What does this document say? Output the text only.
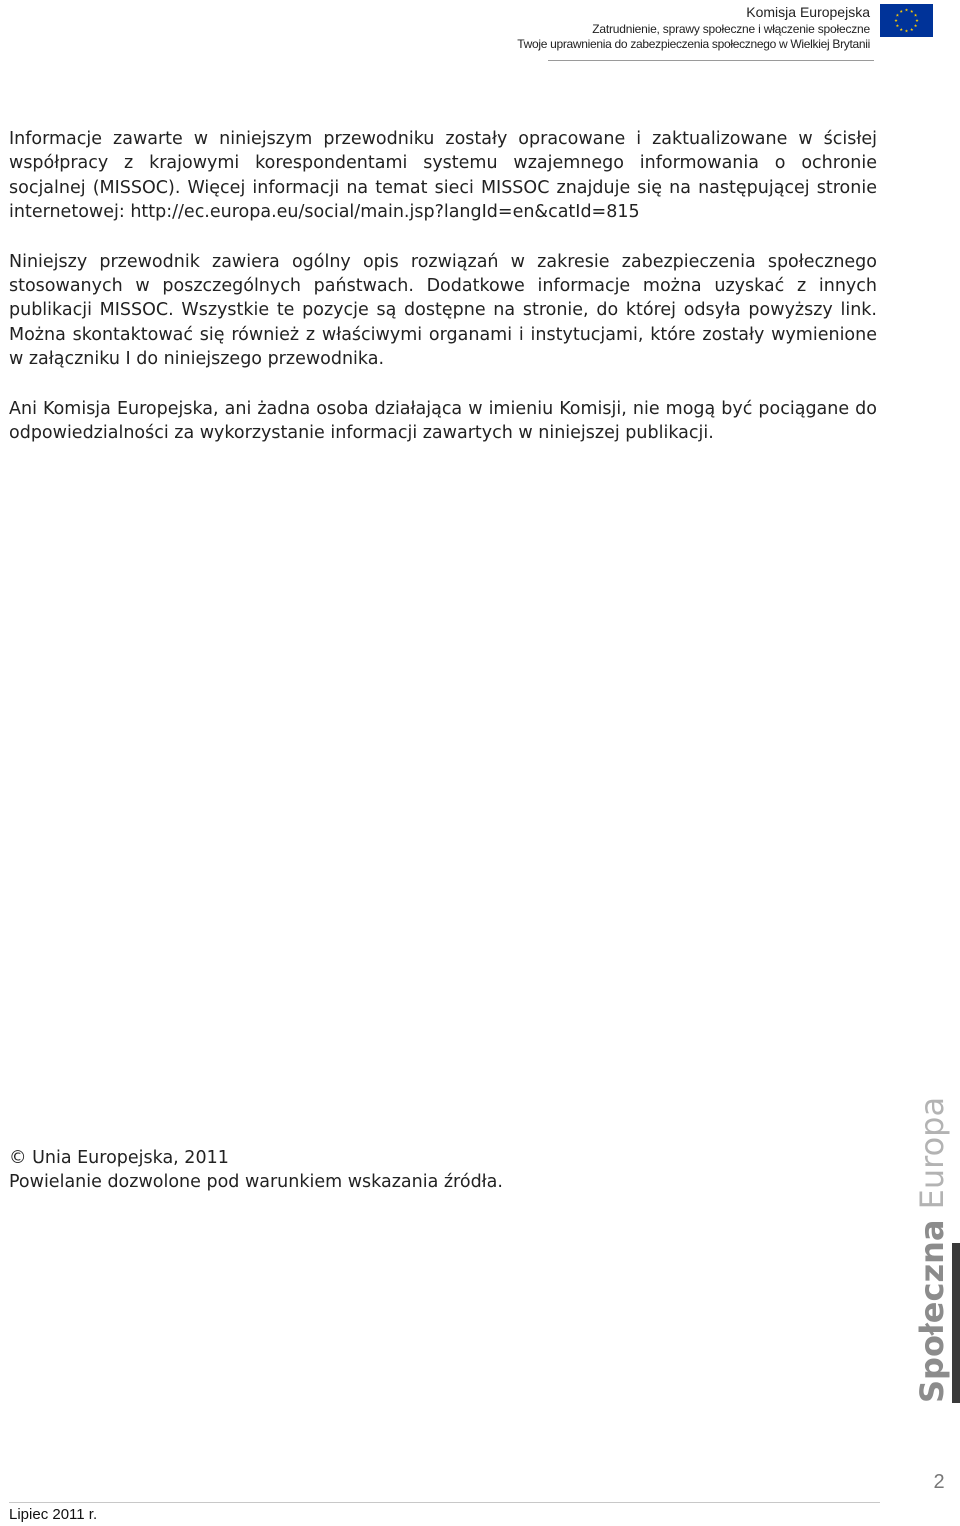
Komisja Europejska
Zatrudnienie, sprawy społeczne i włączenie społeczne
Twoje uprawnienia do zabezpieczenia społecznego w Wielkiej Brytanii

Informacje zawarte w niniejszym przewodniku zostały opracowane i zaktualizowane w ścisłej współpracy z krajowymi korespondentami systemu wzajemnego informowania o ochronie socjalnej (MISSOC). Więcej informacji na temat sieci MISSOC znajduje się na następującej stronie internetowej: http://ec.europa.eu/social/main.jsp?langId=en&catId=815

Niniejszy przewodnik zawiera ogólny opis rozwiązań w zakresie zabezpieczenia społecznego stosowanych w poszczególnych państwach. Dodatkowe informacje można uzyskać z innych publikacji MISSOC. Wszystkie te pozycje są dostępne na stronie, do której odsyła powyższy link. Można skontaktować się również z właściwymi organami i instytucjami, które zostały wymienione w załączniku I do niniejszego przewodnika.

Ani Komisja Europejska, ani żadna osoba działająca w imieniu Komisji, nie mogą być pociągane do odpowiedzialności za wykorzystanie informacji zawartych w niniejszej publikacji.

© Unia Europejska, 2011
Powielanie dozwolone pod warunkiem wskazania źródła.
Społeczna Europa
2
Lipiec 2011 r.
